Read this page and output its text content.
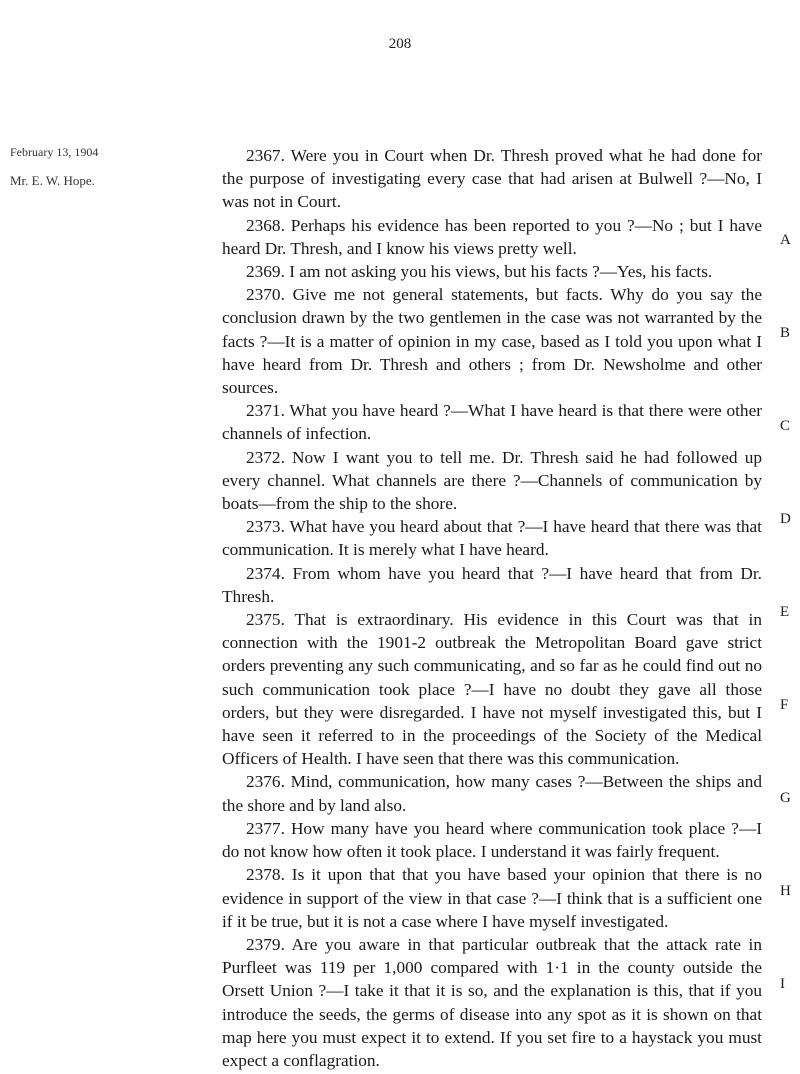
208
February 13, 1904
Mr. E. W. Hope.

2367. Were you in Court when Dr. Thresh proved what he had done for the purpose of investigating every case that had arisen at Bulwell ?—No, I was not in Court.

2368. Perhaps his evidence has been reported to you ?—No ; but I have heard Dr. Thresh, and I know his views pretty well.

2369. I am not asking you his views, but his facts ?—Yes, his facts.

2370. Give me not general statements, but facts. Why do you say the conclusion drawn by the two gentlemen in the case was not warranted by the facts ?—It is a matter of opinion in my case, based as I told you upon what I have heard from Dr. Thresh and others ; from Dr. Newsholme and other sources.

2371. What you have heard ?—What I have heard is that there were other channels of infection.

2372. Now I want you to tell me. Dr. Thresh said he had followed up every channel. What channels are there ?—Channels of communication by boats—from the ship to the shore.

2373. What have you heard about that ?—I have heard that there was that communication. It is merely what I have heard.

2374. From whom have you heard that ?—I have heard that from Dr. Thresh.

2375. That is extraordinary. His evidence in this Court was that in connection with the 1901-2 outbreak the Metropolitan Board gave strict orders preventing any such communicating, and so far as he could find out no such communication took place ?—I have no doubt they gave all those orders, but they were disregarded. I have not myself investigated this, but I have seen it referred to in the proceedings of the Society of the Medical Officers of Health. I have seen that there was this communication.

2376. Mind, communication, how many cases ?—Between the ships and the shore and by land also.

2377. How many have you heard where communication took place ?—I do not know how often it took place. I understand it was fairly frequent.

2378. Is it upon that that you have based your opinion that there is no evidence in support of the view in that case ?—I think that is a sufficient one if it be true, but it is not a case where I have myself investigated.

2379. Are you aware in that particular outbreak that the attack rate in Purfleet was 119 per 1,000 compared with 1·1 in the county outside the Orsett Union ?—I take it that it is so, and the explanation is this, that if you introduce the seeds, the germs of disease into any spot as it is shown on that map here you must expect it to extend. If you set fire to a haystack you must expect a conflagration.

A
B
C
D
E
F
G
H
I
